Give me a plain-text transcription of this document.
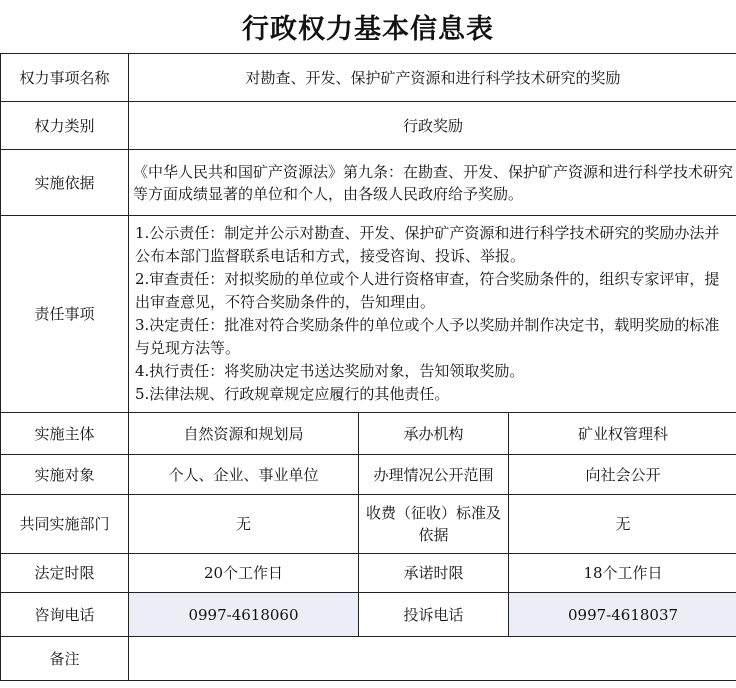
行政权力基本信息表
权力事项名称	对勘查、开发、保护矿产资源和进行科学技术研究的奖励		
权力类别	行政奖励		
实施依据	《中华人民共和国矿产资源法》第九条：在勘查、开发、保护矿产资源和进行科学技术研究等方面成绩显著的单位和个人，由各级人民政府给予奖励。		
责任事项	1.公示责任：制定并公示对勘查、开发、保护矿产资源和进行科学技术研究的奖励办法并公布本部门监督联系电话和方式，接受咨询、投诉、举报。
2.审查责任：对拟奖励的单位或个人进行资格审查，符合奖励条件的，组织专家评审，提出审查意见，不符合奖励条件的，告知理由。
3.决定责任：批准对符合奖励条件的单位或个人予以奖励并制作决定书，载明奖励的标准与兑现方法等。
4.执行责任：将奖励决定书送达奖励对象，告知领取奖励。
5.法律法规、行政规章规定应履行的其他责任。		

实施主体	自然资源和规划局	承办机构	矿业权管理科
实施对象	个人、企业、事业单位	办理情况公开范围	向社会公开
共同实施部门	无	收费（征收）标准及依据	无
法定时限	20个工作日	承诺时限	18个工作日
咨询电话	0997-4618060	投诉电话	0997-4618037
备注			
